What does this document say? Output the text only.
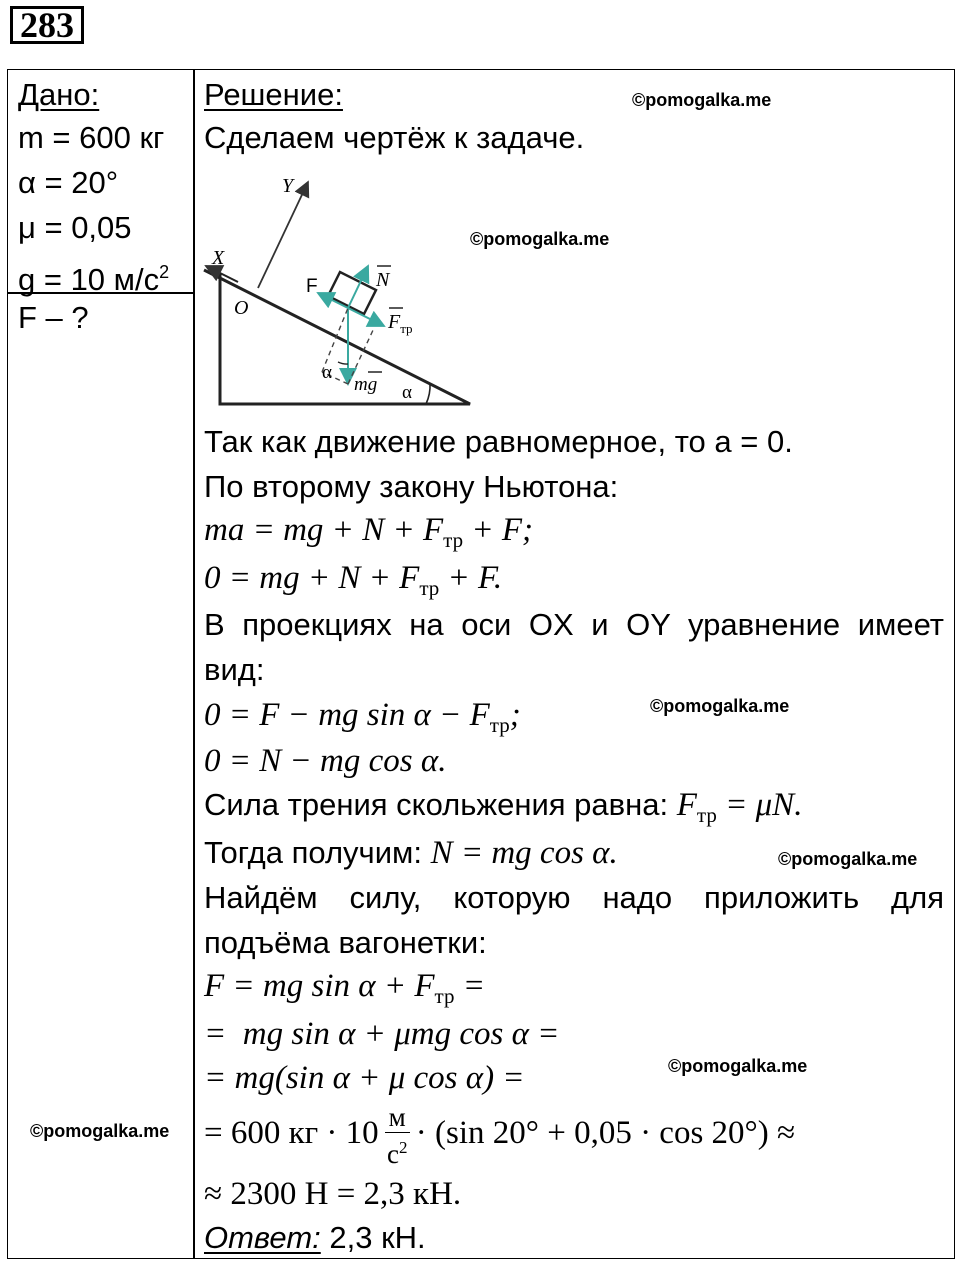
283
Дано:
m = 600 кг
α = 20°
μ = 0,05
g = 10 $м/с^2$
F – ?
Решение:
Сделаем чертёж к задаче.
Y
X
O
F	N
$F_{тр}$
mg
α
α
Так как движение равномерное, то a = 0.
По второму закону Ньютона:
ma = mg + $N + F_{тр} + F$;
0 = mg + $N + F_{тр} + F$.
В проекциях на оси OX и OY уравнение имеет
вид:
0 = F − mg $\sin \alpha - F_{тр}$;
0 = N − mg cos α.
Сила трения скольжения равна: $F_{тр} = \mu N$.
Тогда получим: N = mg cos α.
Найдём силу, которую надо приложить для
подъёма вагонетки:
F = mg $\sin \alpha + F_{тр}$ =
=  mg sin α + μmg cos α =
= mg(sin α + μ cos α) =
= 600 кг · $10 \frac{м}{с^2} \cdot (\sin$ 20° + 0,05 · cos 20°) ≈
≈ 2300 Н = 2,3 кН.
Ответ: 2,3 кН.
©pomogalka.me
©pomogalka.me
©pomogalka.me
©pomogalka.me
©pomogalka.me
©pomogalka.me
